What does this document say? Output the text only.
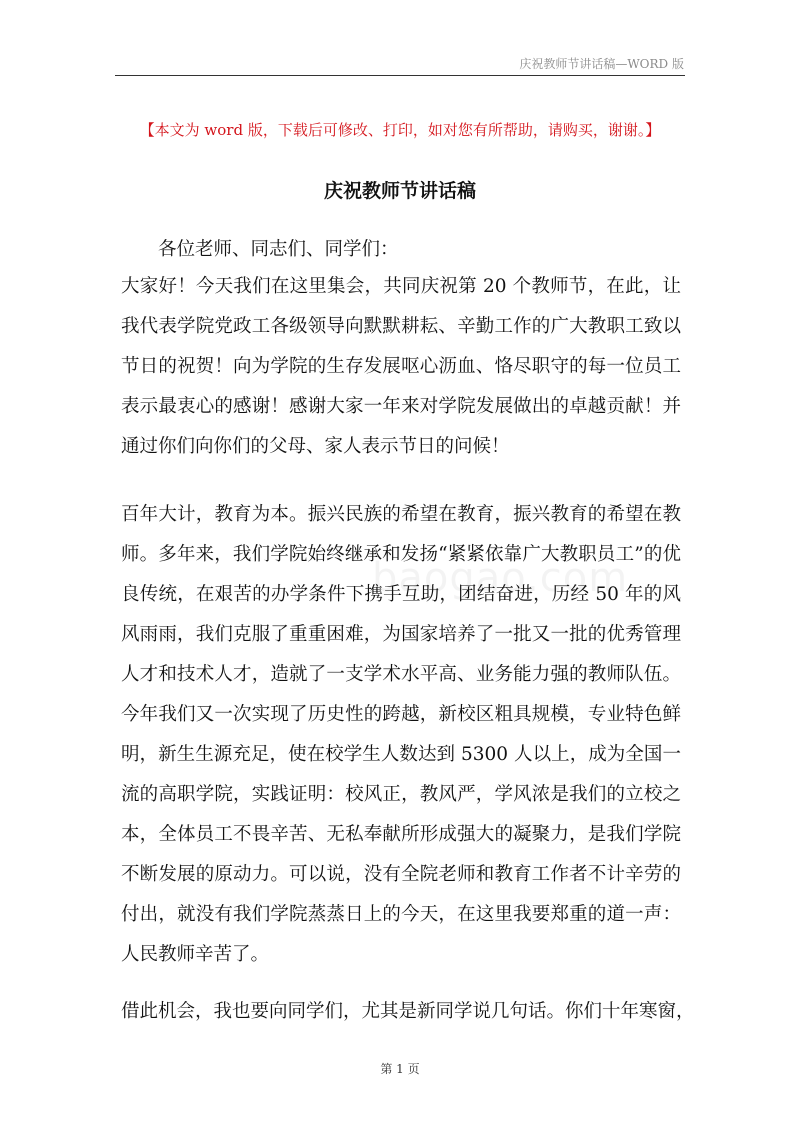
庆祝教师节讲话稿—WORD 版
【本文为 word 版，下载后可修改、打印，如对您有所帮助，请购买，谢谢。】
庆祝教师节讲话稿
各位老师、同志们、同学们：
大家好！今天我们在这里集会，共同庆祝第 20 个教师节，在此，让
我代表学院党政工各级领导向默默耕耘、辛勤工作的广大教职工致以
节日的祝贺！向为学院的生存发展呕心沥血、恪尽职守的每一位员工
表示最衷心的感谢！感谢大家一年来对学院发展做出的卓越贡献！并
通过你们向你们的父母、家人表示节日的问候！
百年大计，教育为本。振兴民族的希望在教育，振兴教育的希望在教
师。多年来，我们学院始终继承和发扬“紧紧依靠广大教职员工”的优
良传统，在艰苦的办学条件下携手互助，团结奋进，历经 50 年的风
风雨雨，我们克服了重重困难，为国家培养了一批又一批的优秀管理
人才和技术人才，造就了一支学术水平高、业务能力强的教师队伍。
今年我们又一次实现了历史性的跨越，新校区粗具规模，专业特色鲜
明，新生生源充足，使在校学生人数达到 5300 人以上，成为全国一
流的高职学院，实践证明：校风正，教风严，学风浓是我们的立校之
本，全体员工不畏辛苦、无私奉献所形成强大的凝聚力，是我们学院
不断发展的原动力。可以说，没有全院老师和教育工作者不计辛劳的
付出，就没有我们学院蒸蒸日上的今天，在这里我要郑重的道一声：
人民教师辛苦了。
借此机会，我也要向同学们，尤其是新同学说几句话。你们十年寒窗，
第 1 页
